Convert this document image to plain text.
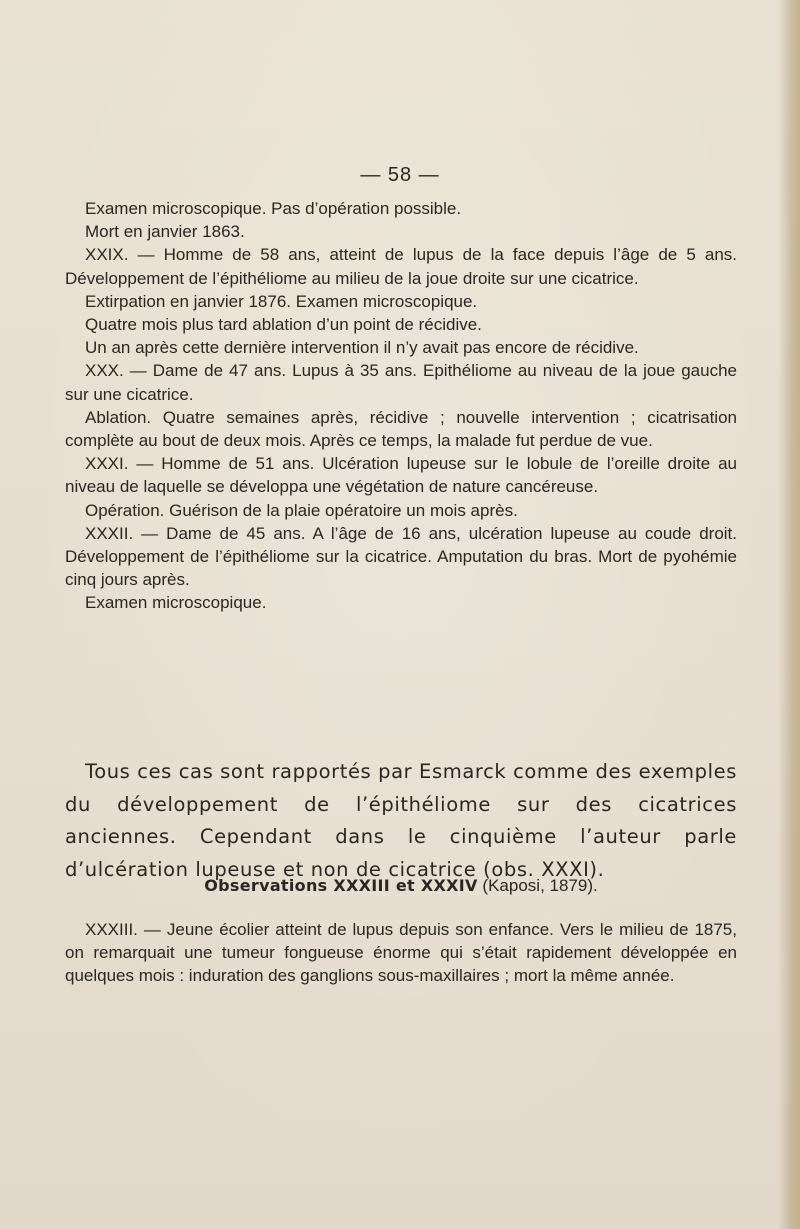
— 58 —

Examen microscopique. Pas d’opération possible.

Mort en janvier 1863.

XXIX. — Homme de 58 ans, atteint de lupus de la face depuis l’âge de 5 ans. Développement de l’épithéliome au milieu de la joue droite sur une cicatrice.

Extirpation en janvier 1876. Examen microscopique.

Quatre mois plus tard ablation d’un point de récidive.

Un an après cette dernière intervention il n’y avait pas encore de récidive.

XXX. — Dame de 47 ans. Lupus à 35 ans. Epithéliome au niveau de la joue gauche sur une cicatrice.

Ablation. Quatre semaines après, récidive ; nouvelle intervention ; cicatrisation complète au bout de deux mois. Après ce temps, la malade fut perdue de vue.

XXXI. — Homme de 51 ans. Ulcération lupeuse sur le lobule de l’oreille droite au niveau de laquelle se développa une végétation de nature cancéreuse.

Opération. Guérison de la plaie opératoire un mois après.

XXXII. — Dame de 45 ans. A l’âge de 16 ans, ulcération lupeuse au coude droit. Développement de l’épithéliome sur la cicatrice. Amputation du bras. Mort de pyohémie cinq jours après.

Examen microscopique.

Tous ces cas sont rapportés par Esmarck comme des exemples du développement de l’épithéliome sur des cicatrices anciennes. Cependant dans le cinquième l’auteur parle d’ulcération lupeuse et non de cicatrice (obs. XXXI).

Observations XXXIII et XXXIV (Kaposi, 1879).

XXXIII. — Jeune écolier atteint de lupus depuis son enfance. Vers le milieu de 1875, on remarquait une tumeur fongueuse énorme qui s’était rapidement développée en quelques mois : induration des ganglions sous-maxillaires ; mort la même année.
